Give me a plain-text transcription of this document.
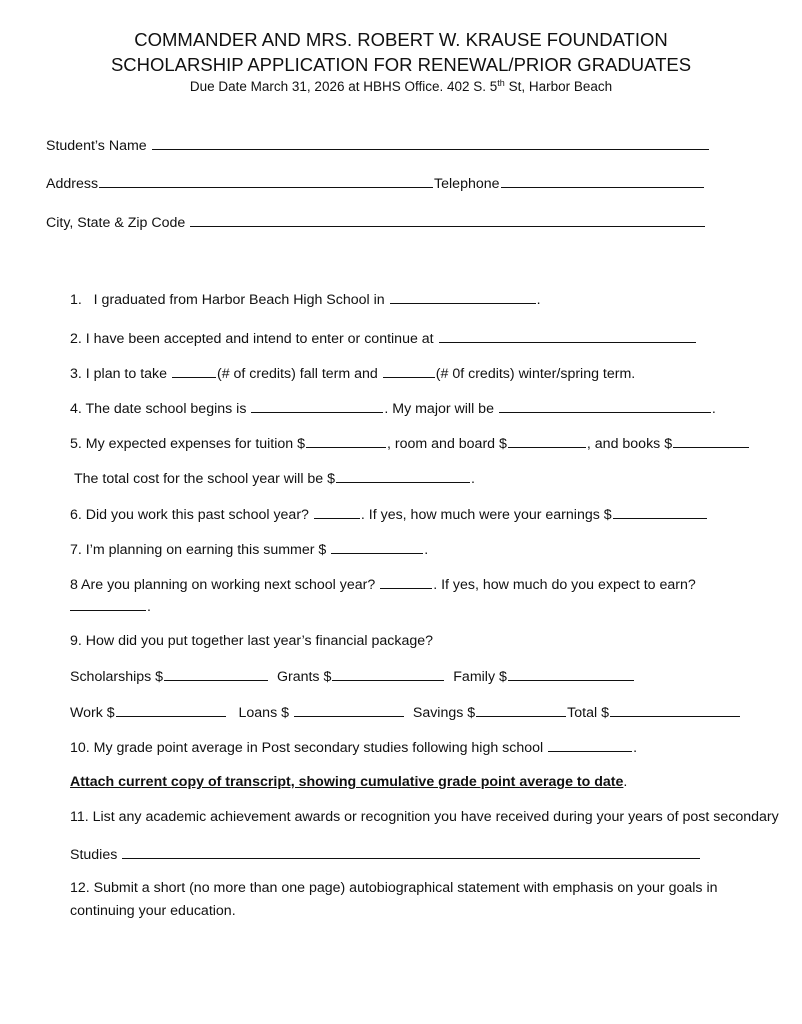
COMMANDER AND MRS. ROBERT W. KRAUSE FOUNDATION
SCHOLARSHIP APPLICATION FOR RENEWAL/PRIOR GRADUATES
Due Date March 31, 2026 at HBHS Office. 402 S. 5th St, Harbor Beach
Student’s Name
Address	Telephone
City, State & Zip Code
1. I graduated from Harbor Beach High School in	.
2. I have been accepted and intend to enter or continue at
3. I plan to take	(# of credits) fall term and	(# 0f credits) winter/spring term.
4. The date school begins is	. My major will be	.
5. My expected expenses for tuition $	, room and board $	, and books $
The total cost for the school year will be $	.
6. Did you work this past school year?	. If yes, how much were your earnings $
7. I’m planning on earning this summer $	.
8 Are you planning on working next school year?	. If yes, how much do you expect to earn?
.
9. How did you put together last year’s financial package?
Scholarships $	Grants $	Family $
Work $	Loans $	Savings $	Total $
10. My grade point average in Post secondary studies following high school	.
Attach current copy of transcript, showing cumulative grade point average to date.
11. List any academic achievement awards or recognition you have received during your years of post secondary
Studies
12. Submit a short (no more than one page) autobiographical statement with emphasis on your goals in
continuing your education.
